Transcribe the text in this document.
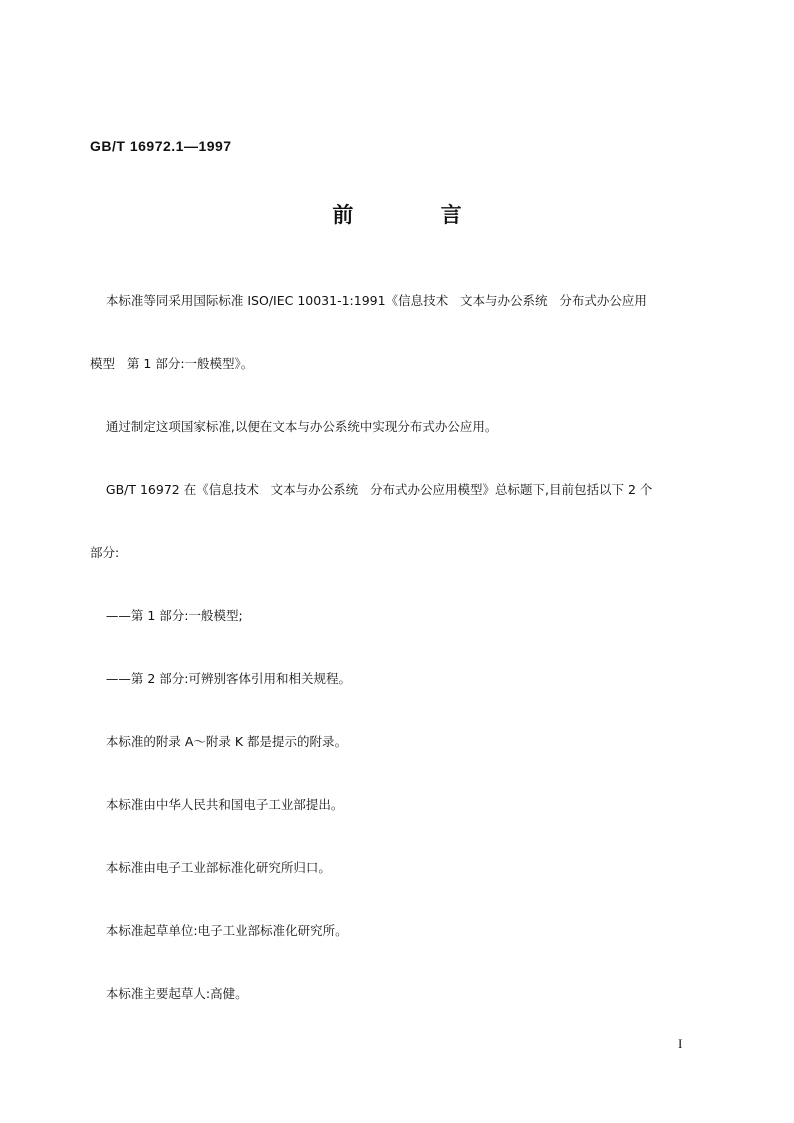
GB/T 16972.1—1997
前 言

本标准等同采用国际标准 ISO/IEC 10031-1:1991《信息技术   文本与办公系统   分布式办公应用

模型   第 1 部分:一般模型》。

通过制定这项国家标准,以便在文本与办公系统中实现分布式办公应用。

GB/T 16972 在《信息技术   文本与办公系统   分布式办公应用模型》总标题下,目前包括以下 2 个

部分:

——第 1 部分:一般模型;

——第 2 部分:可辨别客体引用和相关规程。

本标准的附录 A～附录 K 都是提示的附录。

本标准由中华人民共和国电子工业部提出。

本标准由电子工业部标准化研究所归口。

本标准起草单位:电子工业部标准化研究所。

本标准主要起草人:高健。

I
